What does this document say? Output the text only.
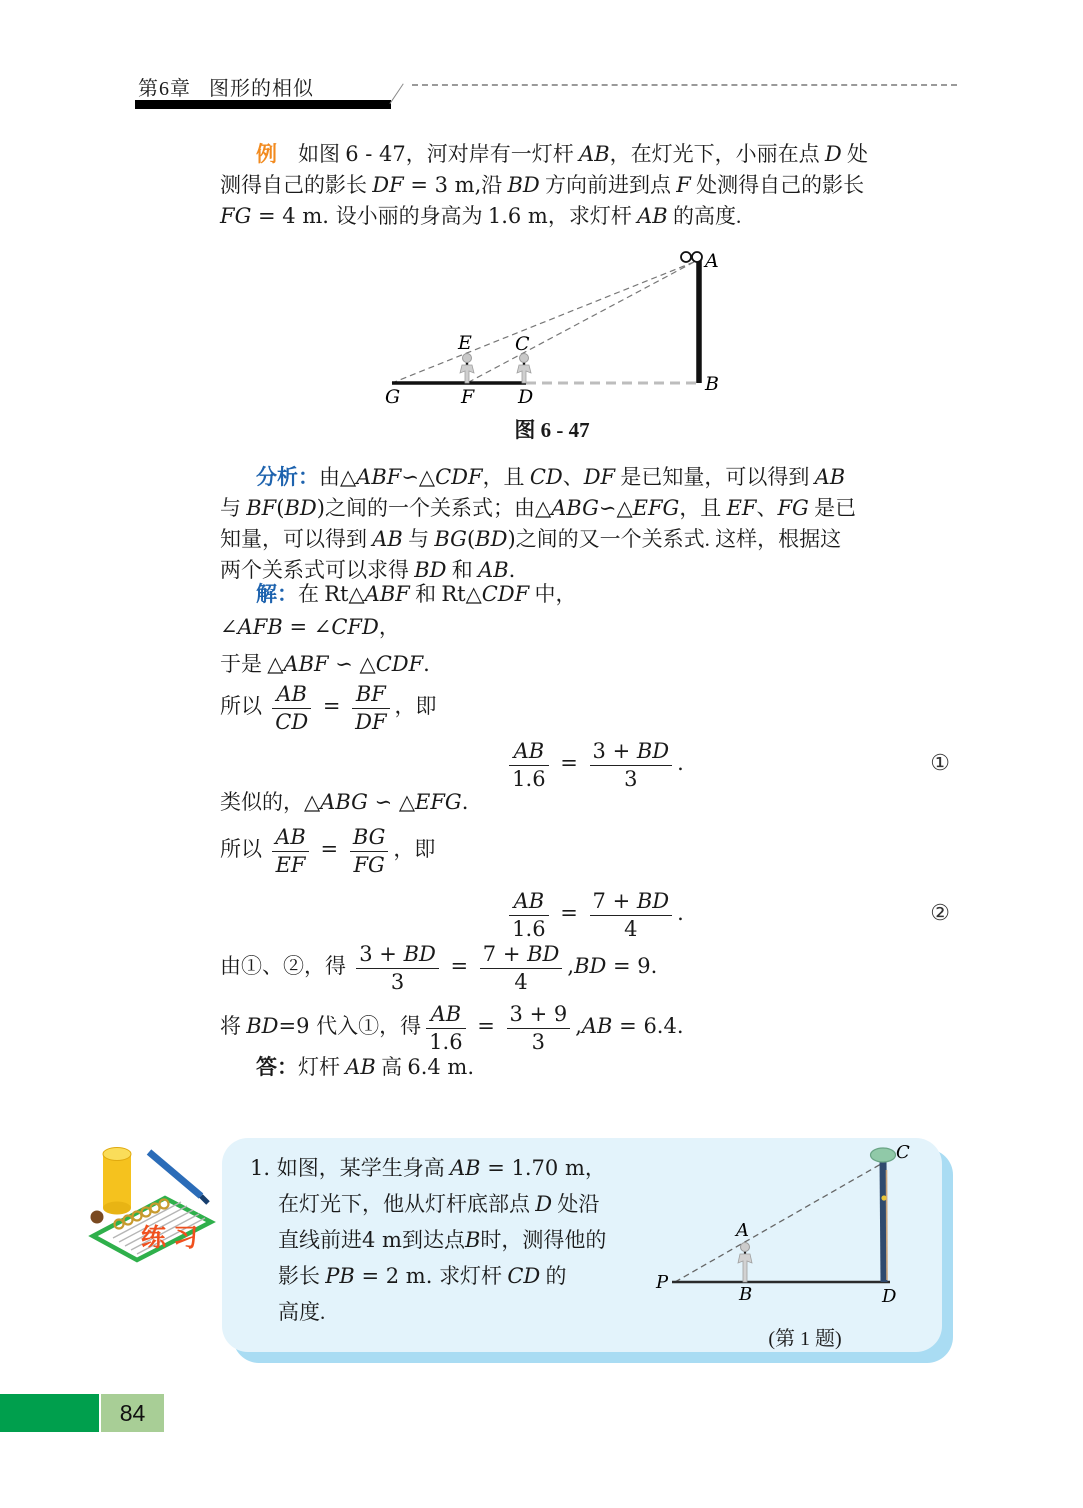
第6章 图形的相似
例　如图 6 - 47，河对岸有一灯杆 AB，在灯光下，小丽在点 D 处
测得自己的影长 DF = 3 m,沿 BD 方向前进到点 F 处测得自己的影长
FG = 4 m. 设小丽的身高为 1.6 m，求灯杆 AB 的高度.
A
B
C
D
E
F
G
图 6 - 47
分析：由△ABF∽△CDF，且 CD、DF 是已知量，可以得到 AB
与 BF(BD)之间的一个关系式；由△ABG∽△EFG，且 EF、FG 是已
知量，可以得到 AB 与 BG(BD)之间的又一个关系式. 这样，根据这
两个关系式可以求得 BD 和 AB.
解：在 Rt△ABF 和 Rt△CDF 中，
∠AFB = ∠CFD，
于是 △ABF ∽ △CDF.
所以 $\frac{AB}{CD} = \frac{BF}{DF}$ ，即
$\frac{AB}{1.6} = \frac{3 + BD}{3}$ .	①
类似的，△ABG ∽ △EFG.
所以 $\frac{AB}{EF} = \frac{BG}{FG}$ ，即
$\frac{AB}{1.6} = \frac{7 + BD}{4}$ .	②
由①、②，得 $\frac{3 + BD}{3} = \frac{7 + BD}{4} ,BD = 9$.
将 BD=9 代入①，得 $\frac{AB}{1.6} = \frac{3 + 9}{3} ,AB = 6.4$.
答：灯杆 AB 高 6.4 m.
练习
1. 如图，某学生身高 AB = 1.70 m，
在灯光下，他从灯杆底部点 D 处沿
直线前进4 m到达点B时，测得他的
影长 PB = 2 m. 求灯杆 CD 的
高度.
C
P
A
B	D
(第 1 题)
84
